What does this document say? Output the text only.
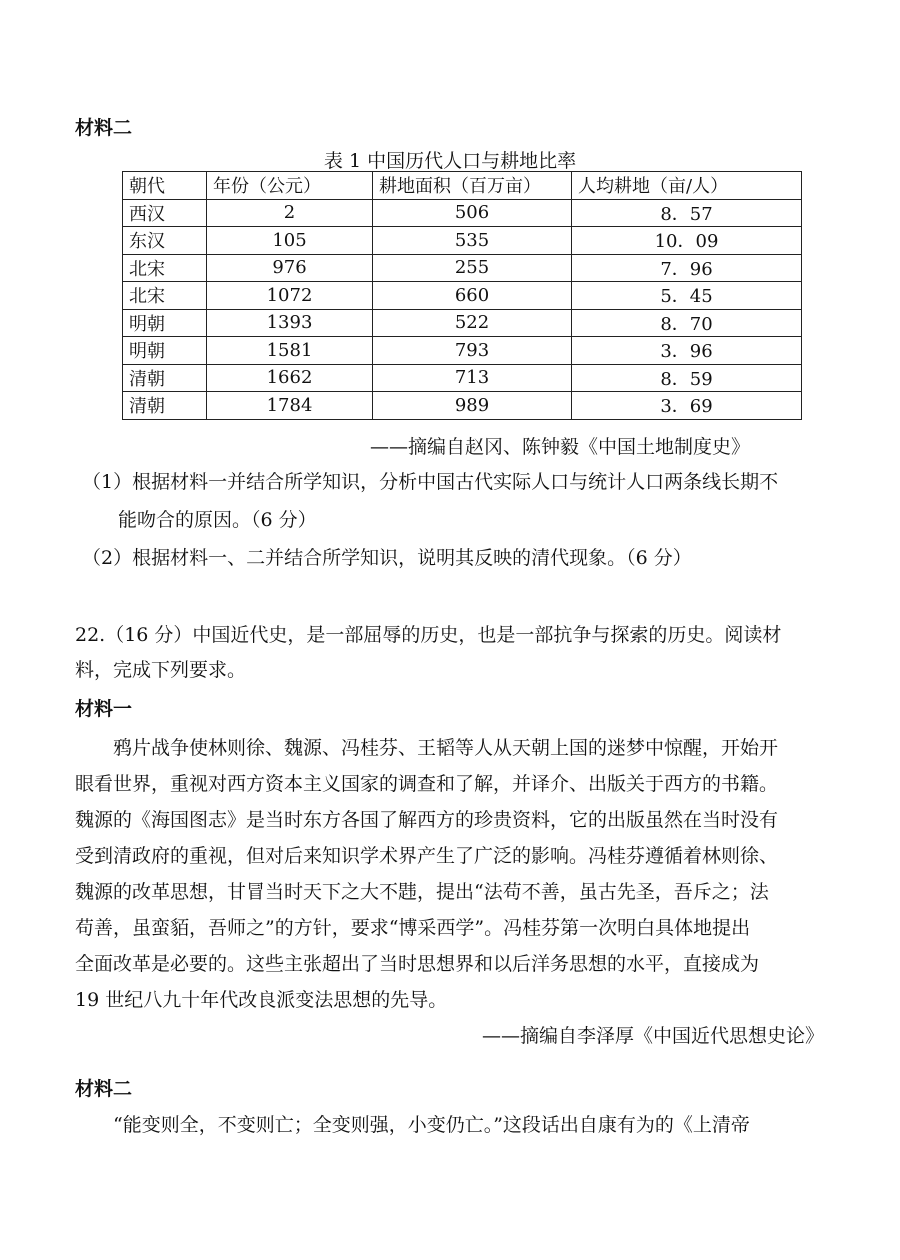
材料二
表 1 中国历代人口与耕地比率
朝代	年份（公元）	耕地面积（百万亩）	人均耕地（亩/人）
西汉	2	506	8．57
东汉	105	535	10．09
北宋	976	255	7．96
北宋	1072	660	5．45
明朝	1393	522	8．70
明朝	1581	793	3．96
清朝	1662	713	8．59
清朝	1784	989	3．69
——摘编自赵冈、陈钟毅《中国土地制度史》
（1）根据材料一并结合所学知识，分析中国古代实际人口与统计人口两条线长期不
能吻合的原因。（6 分）
（2）根据材料一、二并结合所学知识，说明其反映的清代现象。（6 分）
22.（16 分）中国近代史，是一部屈辱的历史，也是一部抗争与探索的历史。阅读材
料，完成下列要求。
材料一
鸦片战争使林则徐、魏源、冯桂芬、王韬等人从天朝上国的迷梦中惊醒，开始开
眼看世界，重视对西方资本主义国家的调查和了解，并译介、出版关于西方的书籍。
魏源的《海国图志》是当时东方各国了解西方的珍贵资料，它的出版虽然在当时没有
受到清政府的重视，但对后来知识学术界产生了广泛的影响。冯桂芬遵循着林则徐、
魏源的改革思想，甘冒当时天下之大不韪，提出“法苟不善，虽古先圣，吾斥之；法
苟善，虽蛮貊，吾师之”的方针，要求“博采西学”。冯桂芬第一次明白具体地提出
全面改革是必要的。这些主张超出了当时思想界和以后洋务思想的水平，直接成为
19 世纪八九十年代改良派变法思想的先导。
——摘编自李泽厚《中国近代思想史论》
材料二
“能变则全，不变则亡；全变则强，小变仍亡。”这段话出自康有为的《上清帝
